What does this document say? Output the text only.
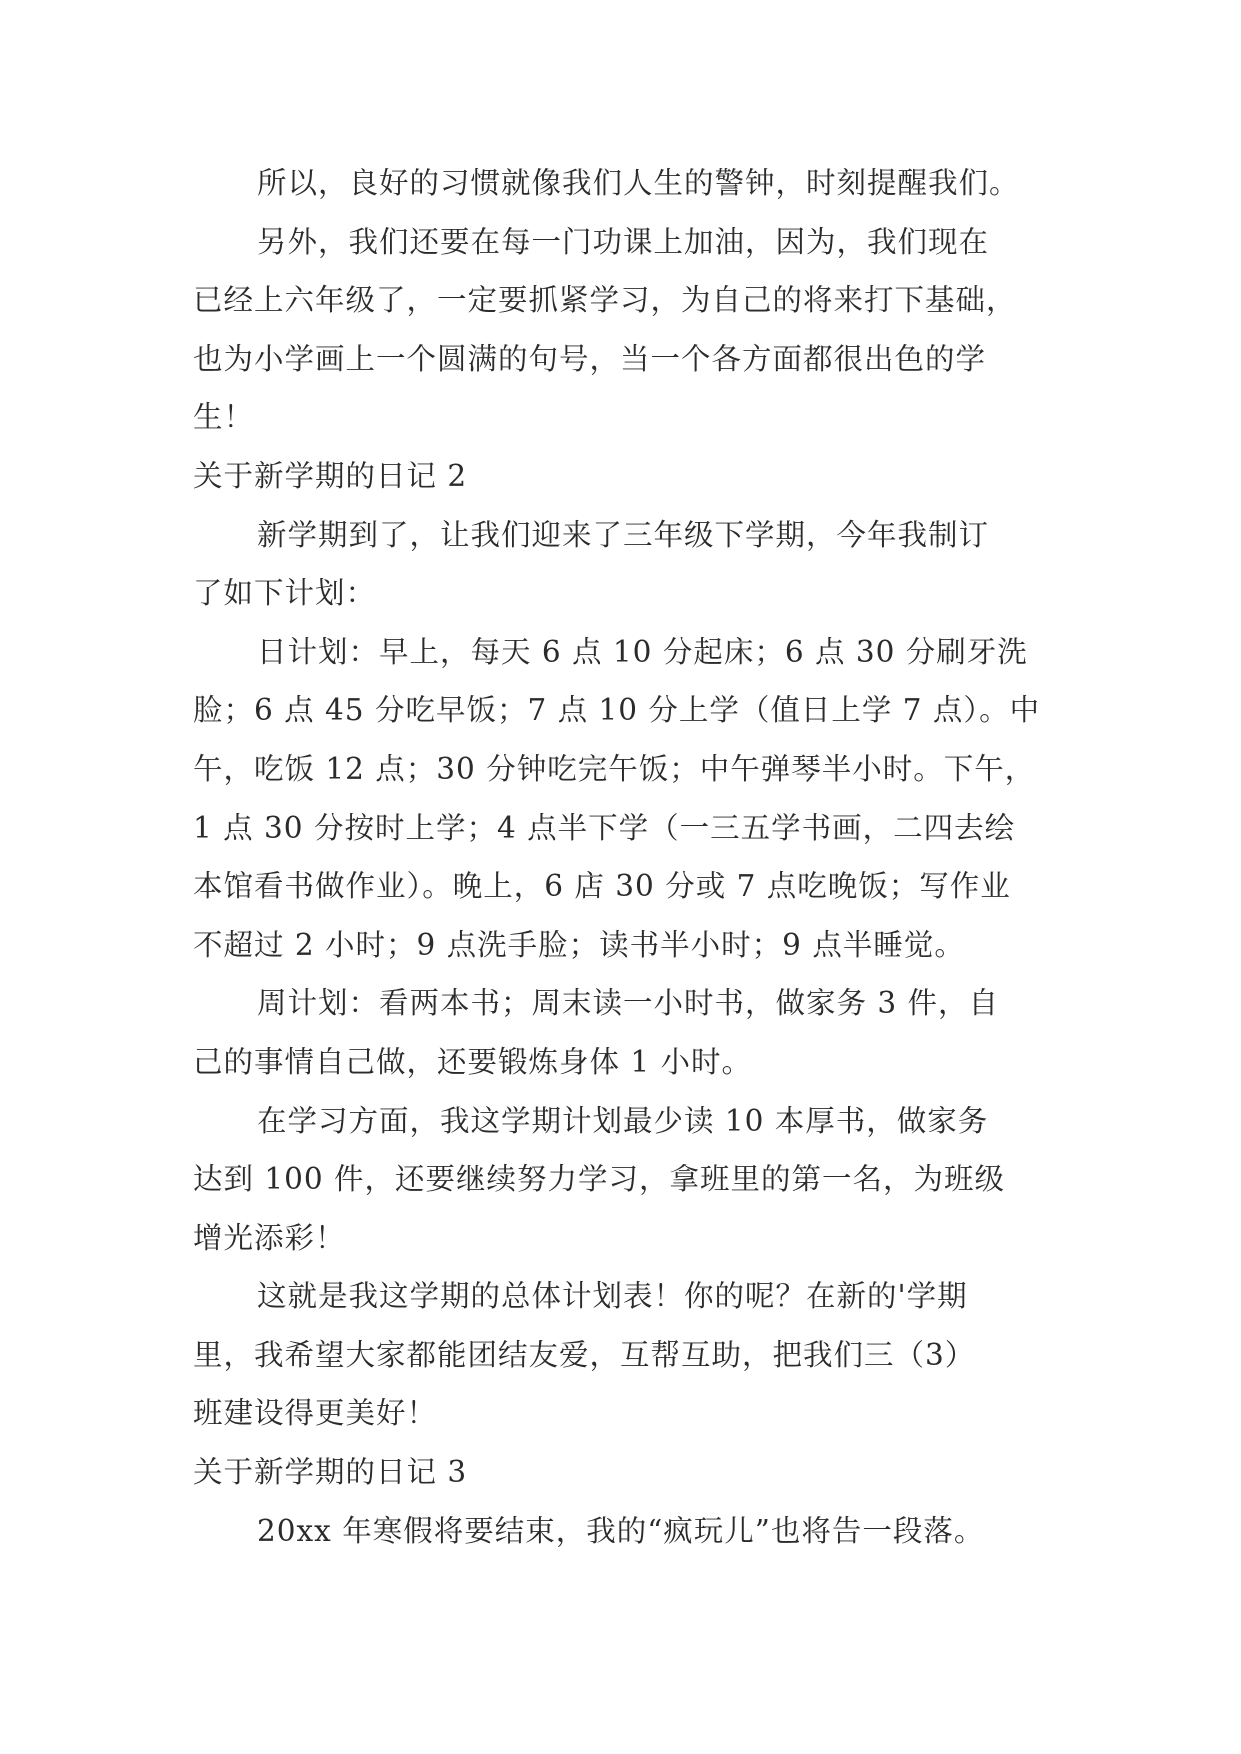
所以，良好的习惯就像我们人生的警钟，时刻提醒我们。
另外，我们还要在每一门功课上加油，因为，我们现在
已经上六年级了，一定要抓紧学习，为自己的将来打下基础，
也为小学画上一个圆满的句号，当一个各方面都很出色的学
生！
关于新学期的日记 2
新学期到了，让我们迎来了三年级下学期，今年我制订
了如下计划：
日计划：早上，每天 6 点 10 分起床；6 点 30 分刷牙洗
脸；6 点 45 分吃早饭；7 点 10 分上学（值日上学 7 点）。中
午，吃饭 12 点；30 分钟吃完午饭；中午弹琴半小时。下午，
1 点 30 分按时上学；4 点半下学（一三五学书画，二四去绘
本馆看书做作业）。晚上，6 店 30 分或 7 点吃晚饭；写作业
不超过 2 小时；9 点洗手脸；读书半小时；9 点半睡觉。
周计划：看两本书；周末读一小时书，做家务 3 件，自
己的事情自己做，还要锻炼身体 1 小时。
在学习方面，我这学期计划最少读 10 本厚书，做家务
达到 100 件，还要继续努力学习，拿班里的第一名，为班级
增光添彩！
这就是我这学期的总体计划表！你的呢？在新的'学期
里，我希望大家都能团结友爱，互帮互助，把我们三（3）
班建设得更美好！
关于新学期的日记 3
20xx 年寒假将要结束，我的“疯玩儿”也将告一段落。
